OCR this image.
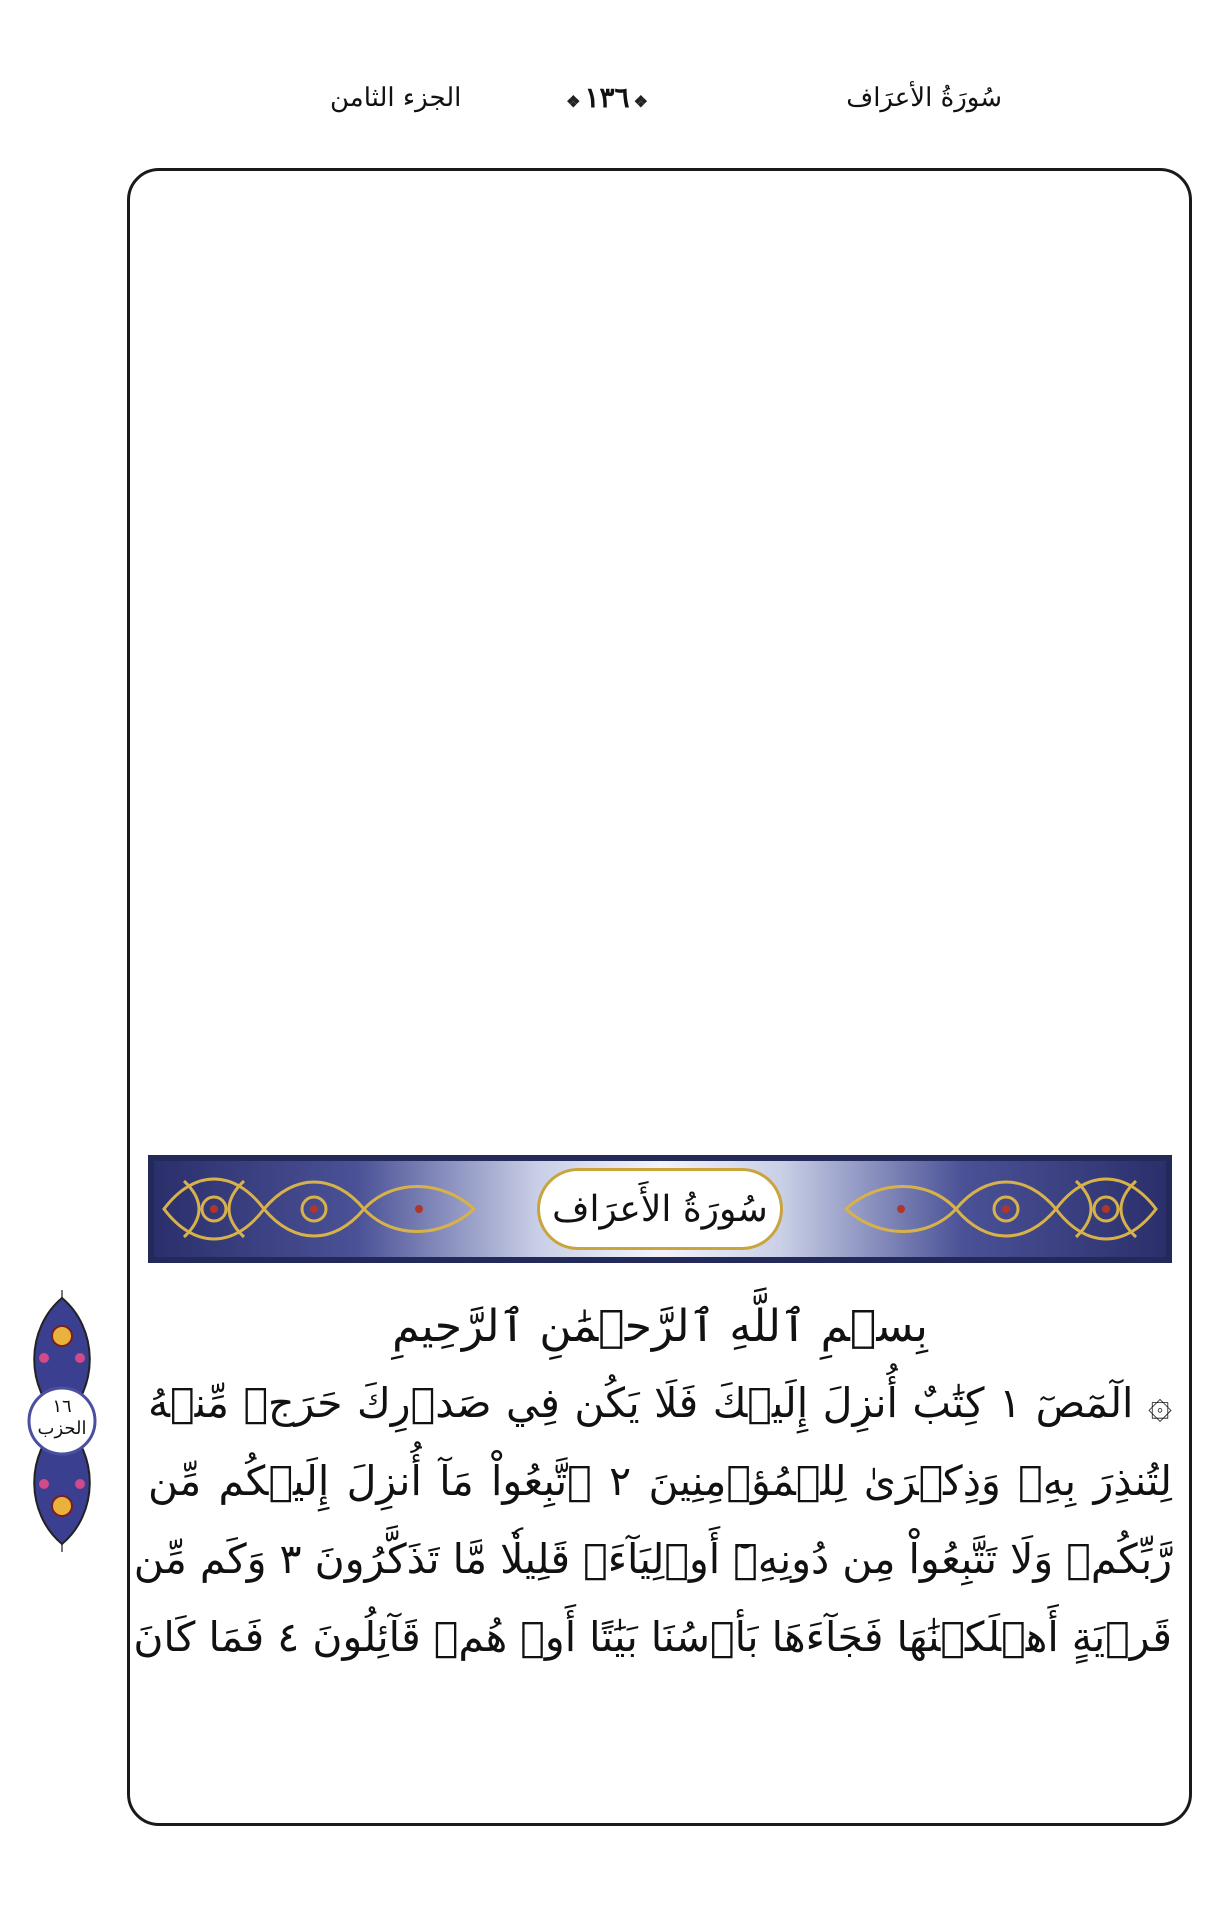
سُورَةُ الأعرَاف
❖ ١٣٦ ❖
الجزء الثامن
سُورَةُ الأَعرَاف
١٦
الحزب
بِسۡمِ ٱللَّهِ ٱلرَّحۡمَٰنِ ٱلرَّحِيمِ
۞ الٓمٓصٓ ١ كِتَٰبٌ أُنزِلَ إِلَيۡكَ فَلَا يَكُن فِي صَدۡرِكَ حَرَجٞ مِّنۡهُ
لِتُنذِرَ بِهِۦ وَذِكۡرَىٰ لِلۡمُؤۡمِنِينَ ٢ ٱتَّبِعُواْ مَآ أُنزِلَ إِلَيۡكُم مِّن
رَّبِّكُمۡ وَلَا تَتَّبِعُواْ مِن دُونِهِۦٓ أَوۡلِيَآءَۗ قَلِيلٗا مَّا تَذَكَّرُونَ ٣ وَكَم مِّن
قَرۡيَةٍ أَهۡلَكۡنَٰهَا فَجَآءَهَا بَأۡسُنَا بَيَٰتًا أَوۡ هُمۡ قَآئِلُونَ ٤ فَمَا كَانَ
